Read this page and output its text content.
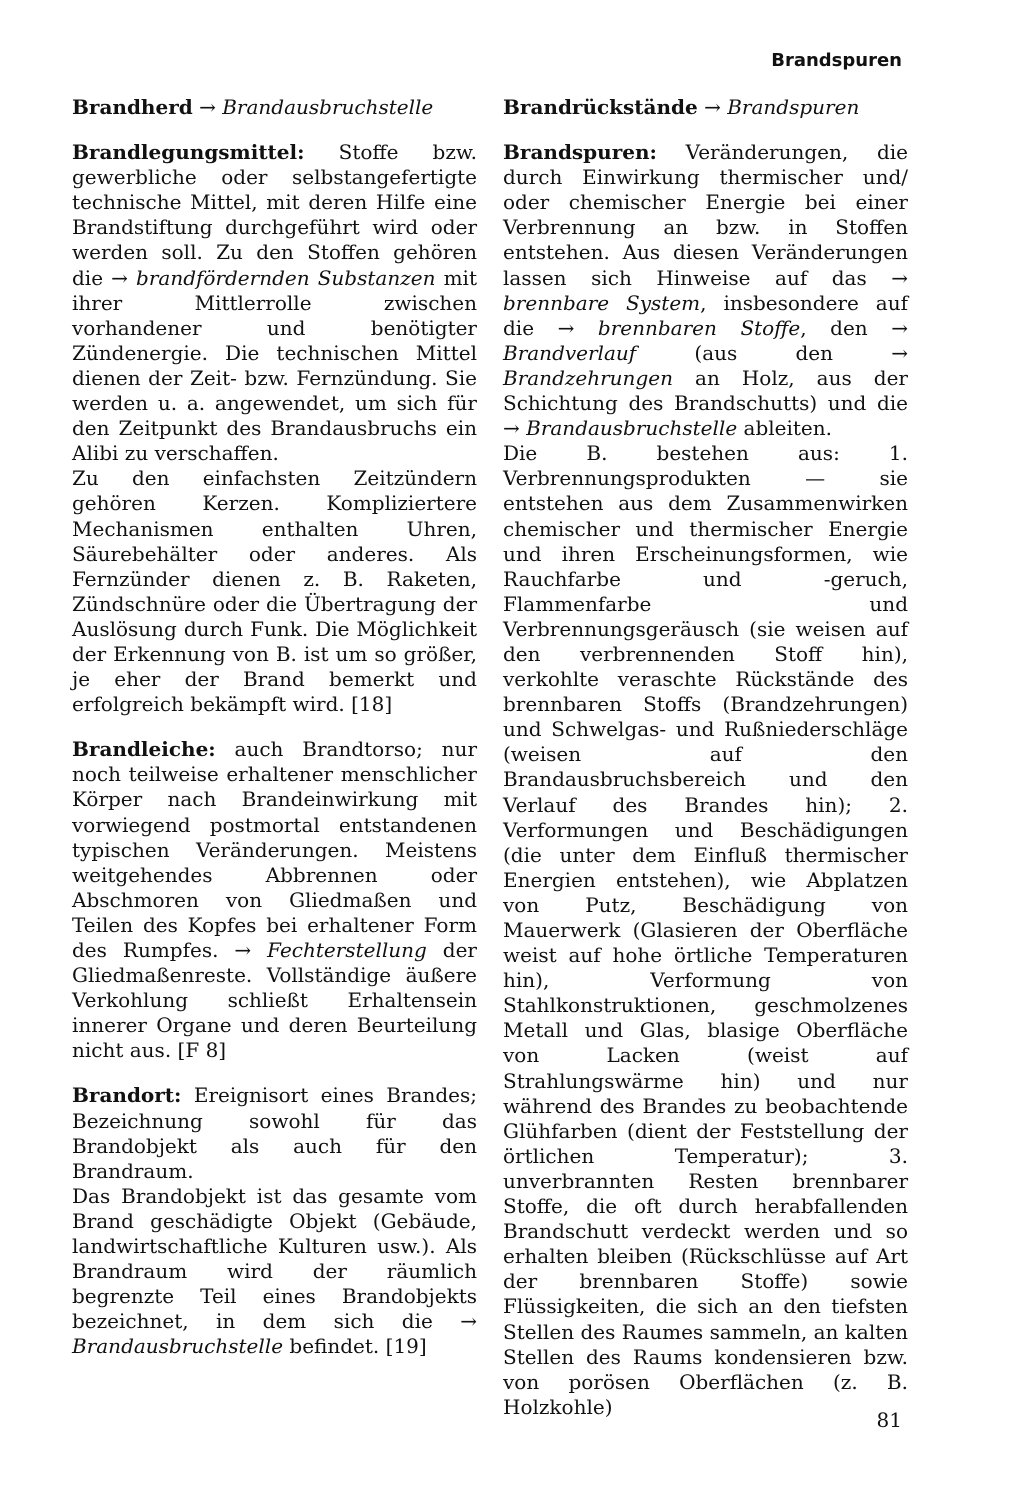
Brandspuren

Brandherd → Brandausbruchstelle

Brandlegungsmittel: Stoffe bzw. gewerbliche oder selbstangefertigte technische Mittel, mit deren Hilfe eine Brandstiftung durchgeführt wird oder werden soll. Zu den Stoffen gehören die → brandfördernden Substanzen mit ihrer Mittlerrolle zwischen vorhandener und benötigter Zündenergie. Die technischen Mittel dienen der Zeit- bzw. Fernzündung. Sie werden u. a. angewendet, um sich für den Zeitpunkt des Brandausbruchs ein Alibi zu verschaffen.

Zu den einfachsten Zeitzündern gehören Kerzen. Kompliziertere Mechanismen enthalten Uhren, Säurebehälter oder anderes. Als Fernzünder dienen z. B. Raketen, Zündschnüre oder die Übertragung der Auslösung durch Funk. Die Möglichkeit der Erkennung von B. ist um so größer, je eher der Brand bemerkt und erfolgreich bekämpft wird. [18]

Brandleiche: auch Brandtorso; nur noch teilweise erhaltener menschlicher Körper nach Brandeinwirkung mit vorwiegend postmortal entstandenen typischen Veränderungen. Meistens weitgehendes Abbrennen oder Abschmoren von Gliedmaßen und Teilen des Kopfes bei erhaltener Form des Rumpfes. → Fechterstellung der Gliedmaßenreste. Vollständige äußere Verkohlung schließt Erhaltensein innerer Organe und deren Beurteilung nicht aus. [F 8]

Brandort: Ereignisort eines Brandes; Bezeichnung sowohl für das Brandobjekt als auch für den Brandraum.

Das Brandobjekt ist das gesamte vom Brand geschädigte Objekt (Gebäude, landwirtschaftliche Kulturen usw.). Als Brandraum wird der räumlich begrenzte Teil eines Brandobjekts bezeichnet, in dem sich die → Brandausbruchstelle befindet. [19]

Brandrückstände → Brandspuren

Brandspuren: Veränderungen, die durch Einwirkung thermischer und/ oder chemischer Energie bei einer Verbrennung an bzw. in Stoffen entstehen. Aus diesen Veränderungen lassen sich Hinweise auf das → brennbare System, insbesondere auf die → brennbaren Stoffe, den → Brandverlauf (aus den → Brandzehrungen an Holz, aus der Schichtung des Brandschutts) und die → Brandausbruchstelle ableiten.

Die B. bestehen aus: 1. Verbrennungsprodukten — sie entstehen aus dem Zusammenwirken chemischer und thermischer Energie und ihren Erscheinungsformen, wie Rauchfarbe und -geruch, Flammenfarbe und Verbrennungsgeräusch (sie weisen auf den verbrennenden Stoff hin), verkohlte veraschte Rückstände des brennbaren Stoffs (Brandzehrungen) und Schwelgas- und Rußniederschläge (weisen auf den Brandausbruchsbereich und den Verlauf des Brandes hin); 2. Verformungen und Beschädigungen (die unter dem Einfluß thermischer Energien entstehen), wie Abplatzen von Putz, Beschädigung von Mauerwerk (Glasieren der Oberfläche weist auf hohe örtliche Temperaturen hin), Verformung von Stahlkonstruktionen, geschmolzenes Metall und Glas, blasige Oberfläche von Lacken (weist auf Strahlungswärme hin) und nur während des Brandes zu beobachtende Glühfarben (dient der Feststellung der örtlichen Temperatur); 3. unverbrannten Resten brennbarer Stoffe, die oft durch herabfallenden Brandschutt verdeckt werden und so erhalten bleiben (Rückschlüsse auf Art der brennbaren Stoffe) sowie Flüssigkeiten, die sich an den tiefsten Stellen des Raumes sammeln, an kalten Stellen des Raums kondensieren bzw. von porösen Oberflächen (z. B. Holzkohle)

81
